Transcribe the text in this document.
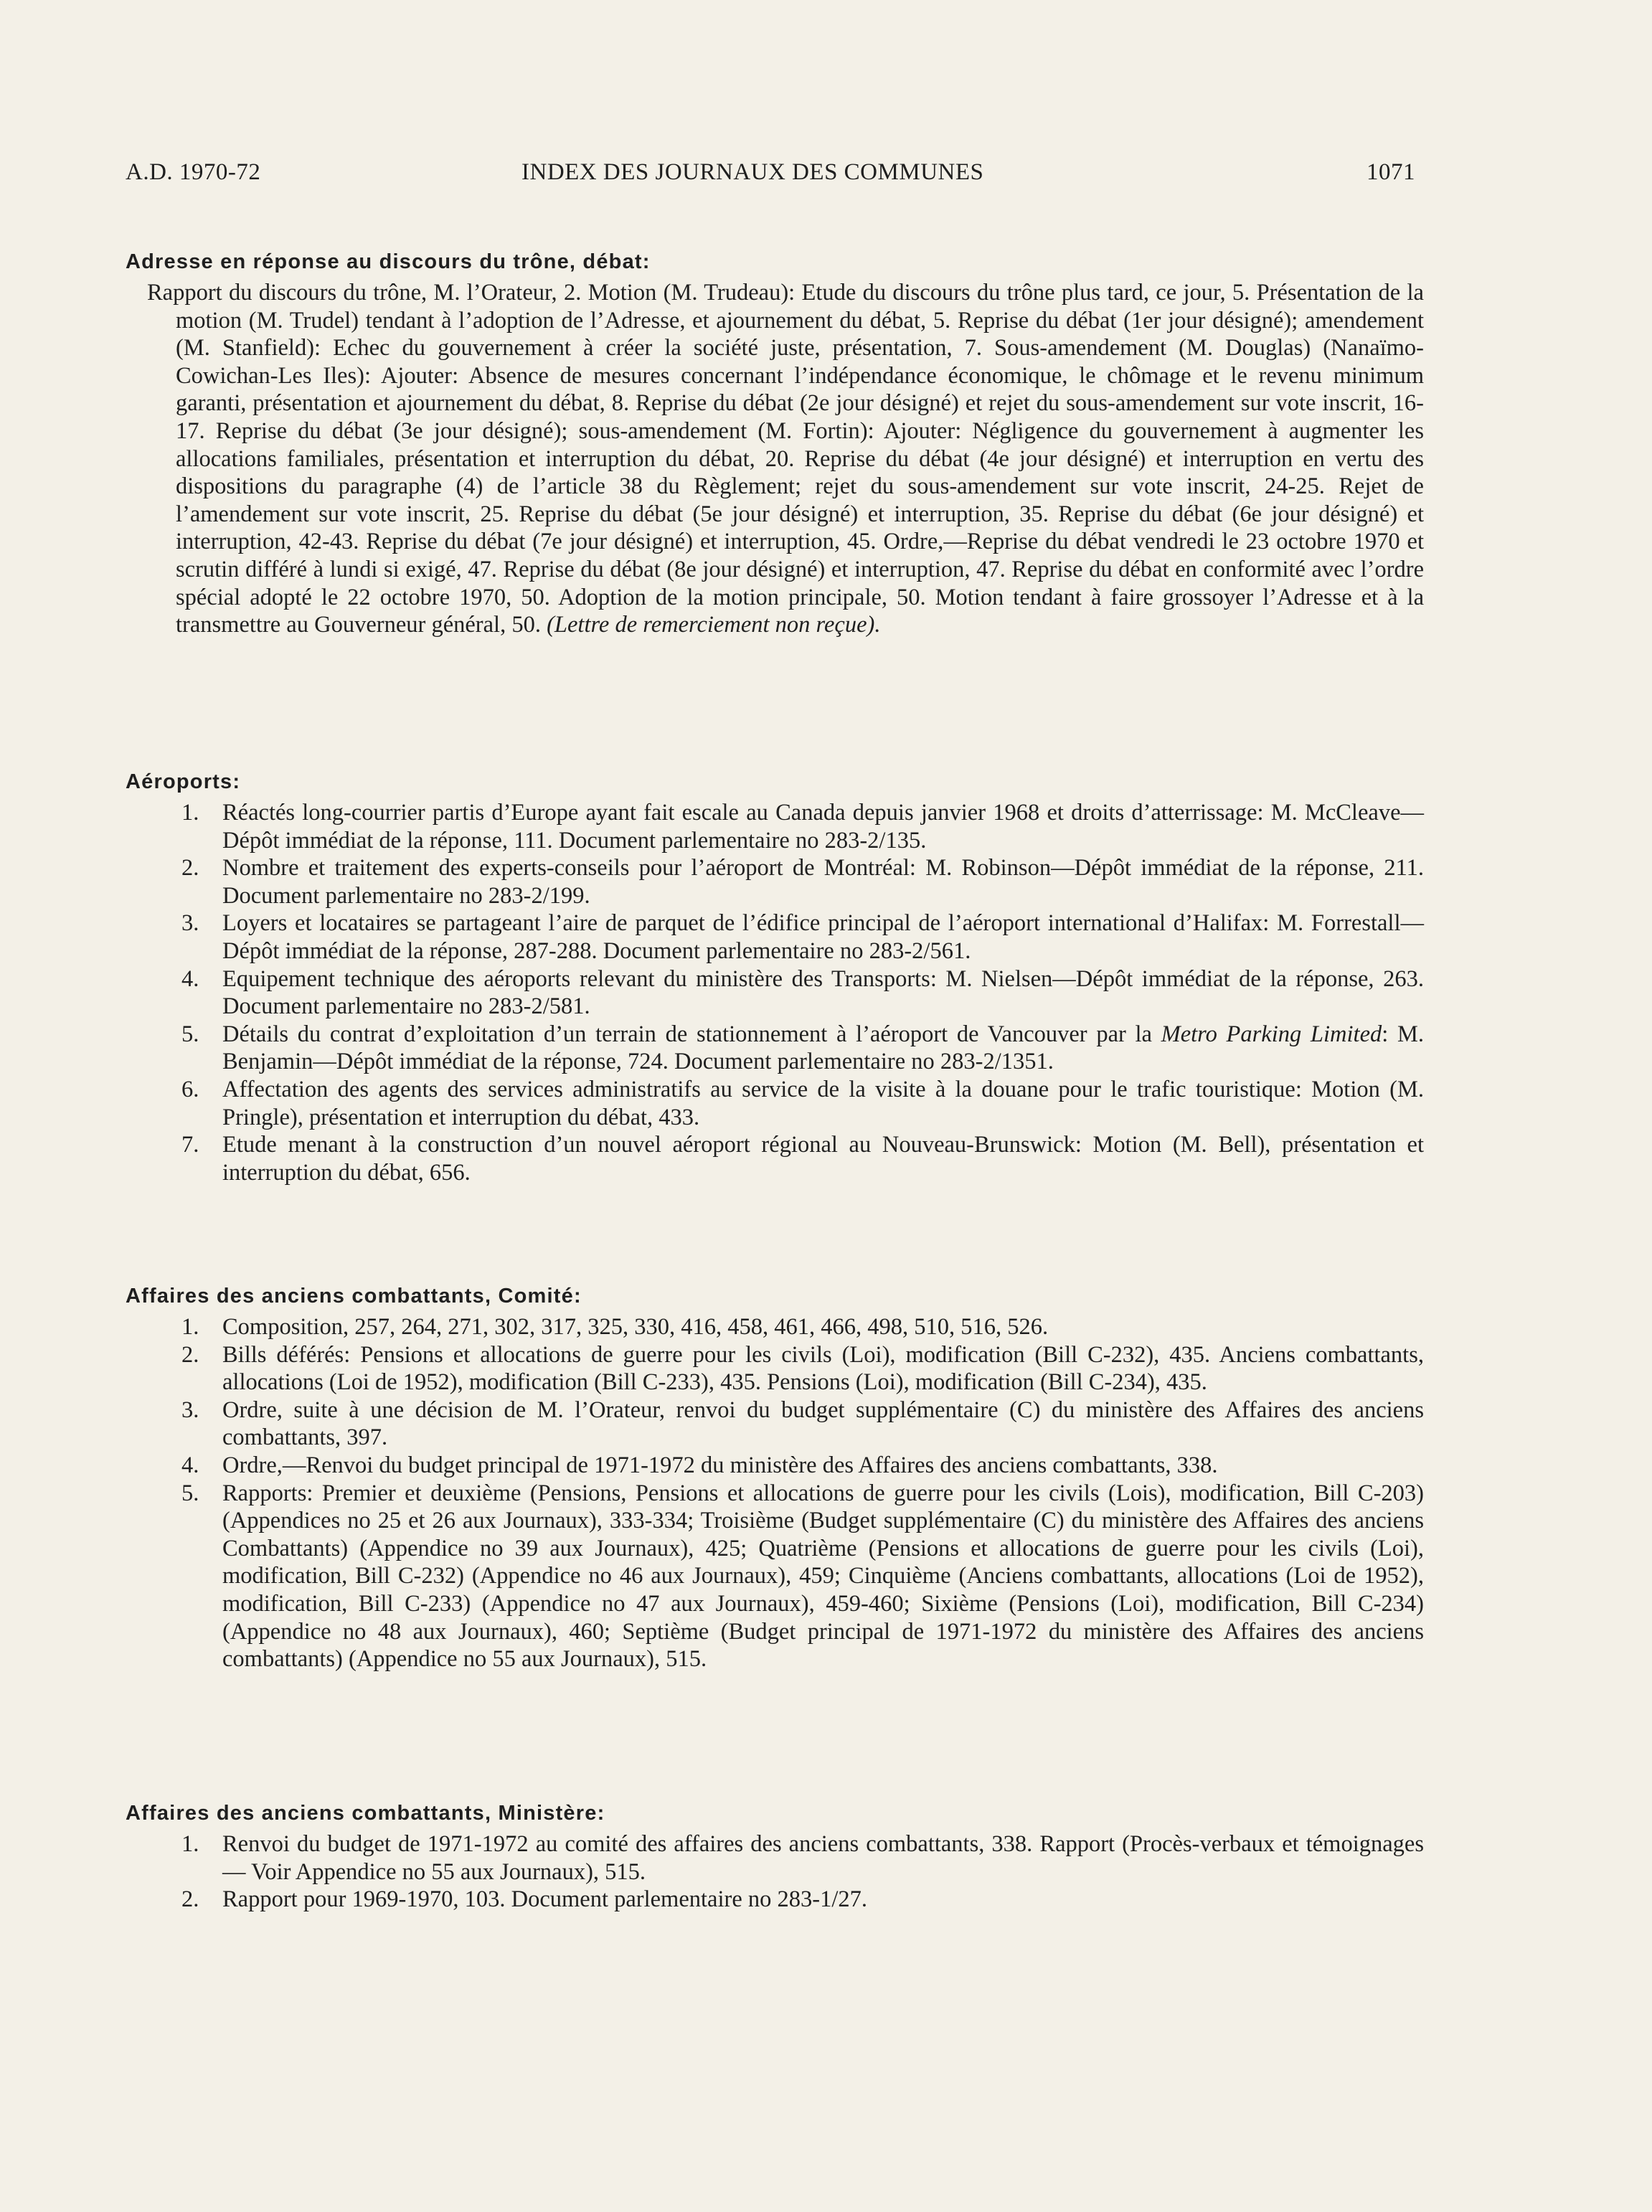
A.D. 1970-72	INDEX DES JOURNAUX DES COMMUNES	1071
Adresse en réponse au discours du trône, débat:

Rapport du discours du trône, M. l’Orateur, 2. Motion (M. Trudeau): Etude du discours du trône plus tard, ce jour, 5. Présentation de la motion (M. Trudel) tendant à l’adoption de l’Adresse, et ajournement du débat, 5. Reprise du débat (1er jour désigné); amendement (M. Stanfield): Echec du gouvernement à créer la société juste, présentation, 7. Sous-amendement (M. Douglas) (Nanaïmo-Cowichan-Les Iles): Ajouter: Absence de mesures concernant l’indépendance économique, le chômage et le revenu minimum garanti, présentation et ajournement du débat, 8. Reprise du débat (2e jour désigné) et rejet du sous-amendement sur vote inscrit, 16-17. Reprise du débat (3e jour désigné); sous-amendement (M. Fortin): Ajouter: Négligence du gouvernement à augmenter les allocations familiales, présentation et interruption du débat, 20. Reprise du débat (4e jour désigné) et interruption en vertu des dispositions du paragraphe (4) de l’article 38 du Règlement; rejet du sous-amendement sur vote inscrit, 24-25. Rejet de l’amendement sur vote inscrit, 25. Reprise du débat (5e jour désigné) et interruption, 35. Reprise du débat (6e jour désigné) et interruption, 42-43. Reprise du débat (7e jour désigné) et interruption, 45. Ordre,—Reprise du débat vendredi le 23 octobre 1970 et scrutin différé à lundi si exigé, 47. Reprise du débat (8e jour désigné) et interruption, 47. Reprise du débat en conformité avec l’ordre spécial adopté le 22 octobre 1970, 50. Adoption de la motion principale, 50. Motion tendant à faire grossoyer l’Adresse et à la transmettre au Gouverneur général, 50. (Lettre de remerciement non reçue).

Aéroports:
1. Réactés long-courrier partis d’Europe ayant fait escale au Canada depuis janvier 1968 et droits d’atterrissage: M. McCleave—Dépôt immédiat de la réponse, 111. Document parlementaire no 283-2/135.
2. Nombre et traitement des experts-conseils pour l’aéroport de Montréal: M. Robinson—Dépôt immédiat de la réponse, 211. Document parlementaire no 283-2/199.
3. Loyers et locataires se partageant l’aire de parquet de l’édifice principal de l’aéroport international d’Halifax: M. Forrestall—Dépôt immédiat de la réponse, 287-288. Document parlementaire no 283-2/561.
4. Equipement technique des aéroports relevant du ministère des Transports: M. Nielsen—Dépôt immédiat de la réponse, 263. Document parlementaire no 283-2/581.
5. Détails du contrat d’exploitation d’un terrain de stationnement à l’aéroport de Vancouver par la Metro Parking Limited: M. Benjamin—Dépôt immédiat de la réponse, 724. Document parlementaire no 283-2/1351.
6. Affectation des agents des services administratifs au service de la visite à la douane pour le trafic touristique: Motion (M. Pringle), présentation et interruption du débat, 433.
7. Etude menant à la construction d’un nouvel aéroport régional au Nouveau-Brunswick: Motion (M. Bell), présentation et interruption du débat, 656.
Affaires des anciens combattants, Comité:
1. Composition, 257, 264, 271, 302, 317, 325, 330, 416, 458, 461, 466, 498, 510, 516, 526.
2. Bills déférés: Pensions et allocations de guerre pour les civils (Loi), modification (Bill C-232), 435. Anciens combattants, allocations (Loi de 1952), modification (Bill C-233), 435. Pensions (Loi), modification (Bill C-234), 435.
3. Ordre, suite à une décision de M. l’Orateur, renvoi du budget supplémentaire (C) du ministère des Affaires des anciens combattants, 397.
4. Ordre,—Renvoi du budget principal de 1971-1972 du ministère des Affaires des anciens combattants, 338.
5. Rapports: Premier et deuxième (Pensions, Pensions et allocations de guerre pour les civils (Lois), modification, Bill C-203) (Appendices no 25 et 26 aux Journaux), 333-334; Troisième (Budget supplémentaire (C) du ministère des Affaires des anciens Combattants) (Appendice no 39 aux Journaux), 425; Quatrième (Pensions et allocations de guerre pour les civils (Loi), modification, Bill C-232) (Appendice no 46 aux Journaux), 459; Cinquième (Anciens combattants, allocations (Loi de 1952), modification, Bill C-233) (Appendice no 47 aux Journaux), 459-460; Sixième (Pensions (Loi), modification, Bill C-234) (Appendice no 48 aux Journaux), 460; Septième (Budget principal de 1971-1972 du ministère des Affaires des anciens combattants) (Appendice no 55 aux Journaux), 515.
Affaires des anciens combattants, Ministère:
1. Renvoi du budget de 1971-1972 au comité des affaires des anciens combattants, 338. Rapport (Procès-verbaux et témoignages — Voir Appendice no 55 aux Journaux), 515.
2. Rapport pour 1969-1970, 103. Document parlementaire no 283-1/27.
